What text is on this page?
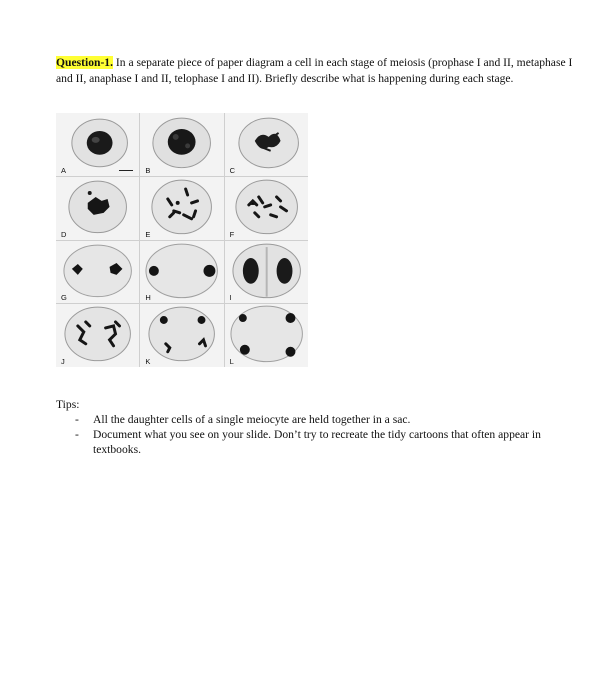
Question-1. In a separate piece of paper diagram a cell in each stage of meiosis (prophase I and II, metaphase I and II, anaphase I and II, telophase I and II). Briefly describe what is happening during each stage.
A	B	C
D	E	F
G	H	I
J	K	L
Tips:
- All the daughter cells of a single meiocyte are held together in a sac.
- Document what you see on your slide. Don’t try to recreate the tidy cartoons that often appear in textbooks.
